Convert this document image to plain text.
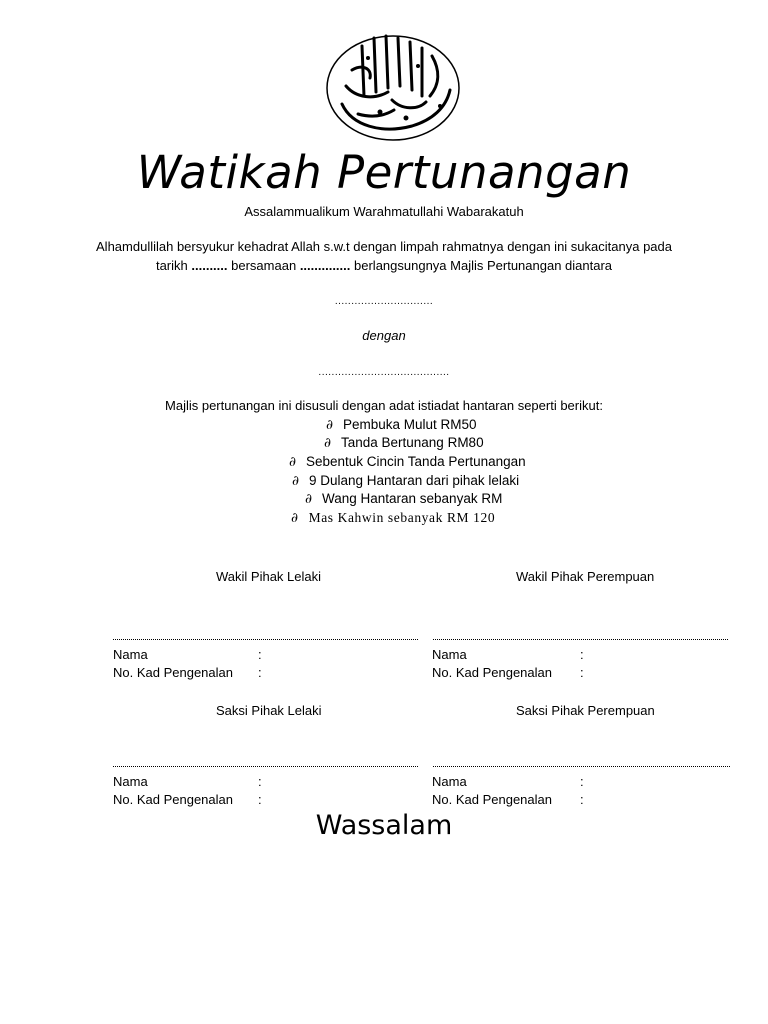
Watikah Pertunangan
Assalammualikum Warahmatullahi Wabarakatuh
Alhamdullilah bersyukur kehadrat Allah s.w.t dengan limpah rahmatnya dengan ini sukacitanya pada
tarikh .......... bersamaan .............. berlangsungnya Majlis Pertunangan diantara
..............................
dengan
........................................
Majlis pertunangan ini disusuli dengan adat istiadat hantaran seperti berikut:
∂ Pembuka Mulut RM50
∂ Tanda Bertunang RM80
∂ Sebentuk Cincin Tanda Pertunangan
∂ 9 Dulang Hantaran dari pihak lelaki
∂ Wang Hantaran sebanyak RM
∂ Mas Kahwin sebanyak RM 120
Wakil Pihak Lelaki	Wakil Pihak Perempuan
Nama	:
No. Kad Pengenalan :
Nama	:
No. Kad Pengenalan :
Saksi Pihak Lelaki	Saksi Pihak Perempuan
Nama	:
No. Kad Pengenalan :
Nama	:
No. Kad Pengenalan :
Wassalam
